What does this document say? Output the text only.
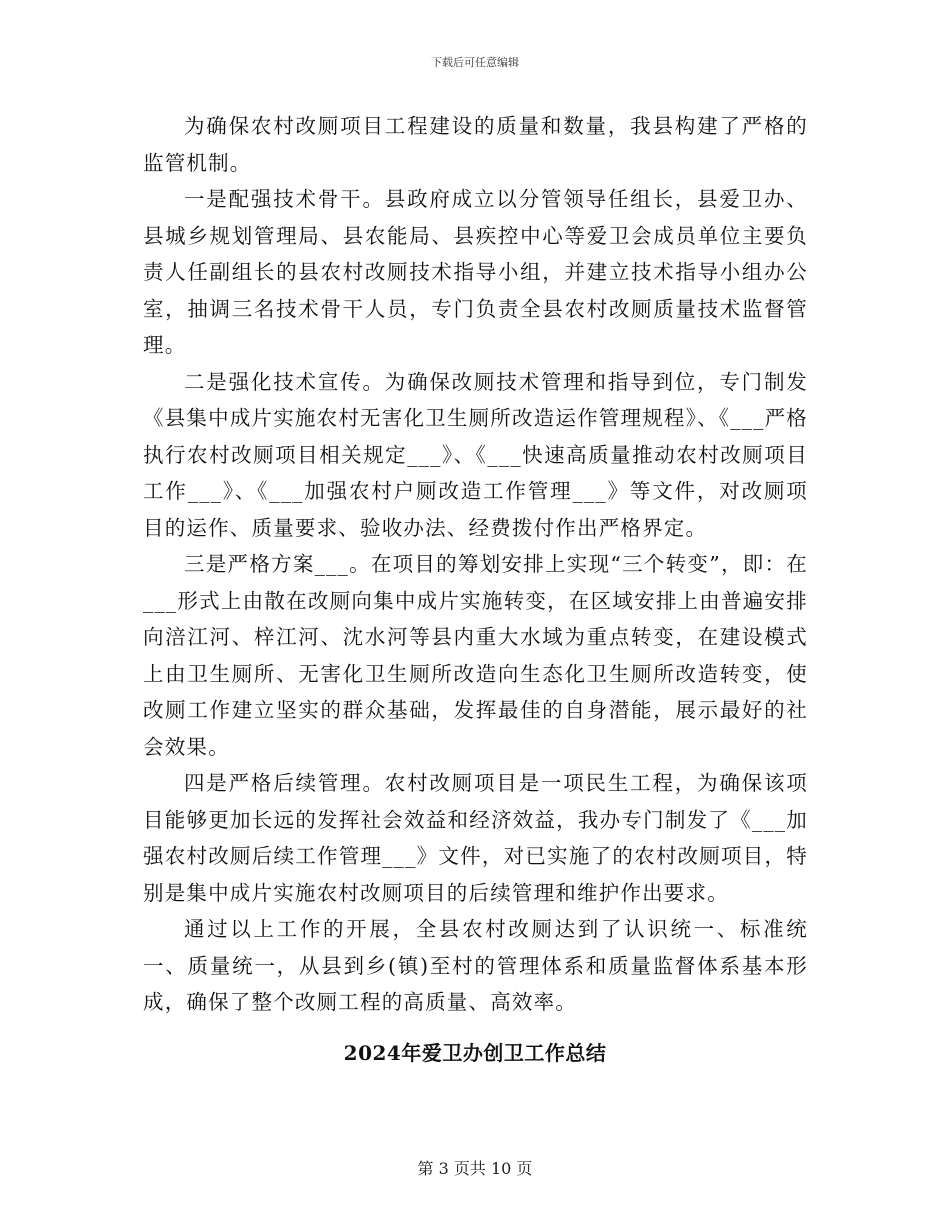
下载后可任意编辑

为确保农村改厕项目工程建设的质量和数量，我县构建了严格的监管机制。

一是配强技术骨干。县政府成立以分管领导任组长，县爱卫办、县城乡规划管理局、县农能局、县疾控中心等爱卫会成员单位主要负责人任副组长的县农村改厕技术指导小组，并建立技术指导小组办公室，抽调三名技术骨干人员，专门负责全县农村改厕质量技术监督管理。

二是强化技术宣传。为确保改厕技术管理和指导到位，专门制发《县集中成片实施农村无害化卫生厕所改造运作管理规程》、《___严格执行农村改厕项目相关规定___》、《___快速高质量推动农村改厕项目工作___》、《___加强农村户厕改造工作管理___》等文件，对改厕项目的运作、质量要求、验收办法、经费拨付作出严格界定。

三是严格方案___。在项目的筹划安排上实现“三个转变”，即：在___形式上由散在改厕向集中成片实施转变，在区域安排上由普遍安排向涪江河、梓江河、沈水河等县内重大水域为重点转变，在建设模式上由卫生厕所、无害化卫生厕所改造向生态化卫生厕所改造转变，使改厕工作建立坚实的群众基础，发挥最佳的自身潜能，展示最好的社会效果。

四是严格后续管理。农村改厕项目是一项民生工程，为确保该项目能够更加长远的发挥社会效益和经济效益，我办专门制发了《___加强农村改厕后续工作管理___》文件，对已实施了的农村改厕项目，特别是集中成片实施农村改厕项目的后续管理和维护作出要求。

通过以上工作的开展，全县农村改厕达到了认识统一、标准统一、质量统一，从县到乡(镇)至村的管理体系和质量监督体系基本形成，确保了整个改厕工程的高质量、高效率。

2024年爱卫办创卫工作总结
第 3 页共 10 页
